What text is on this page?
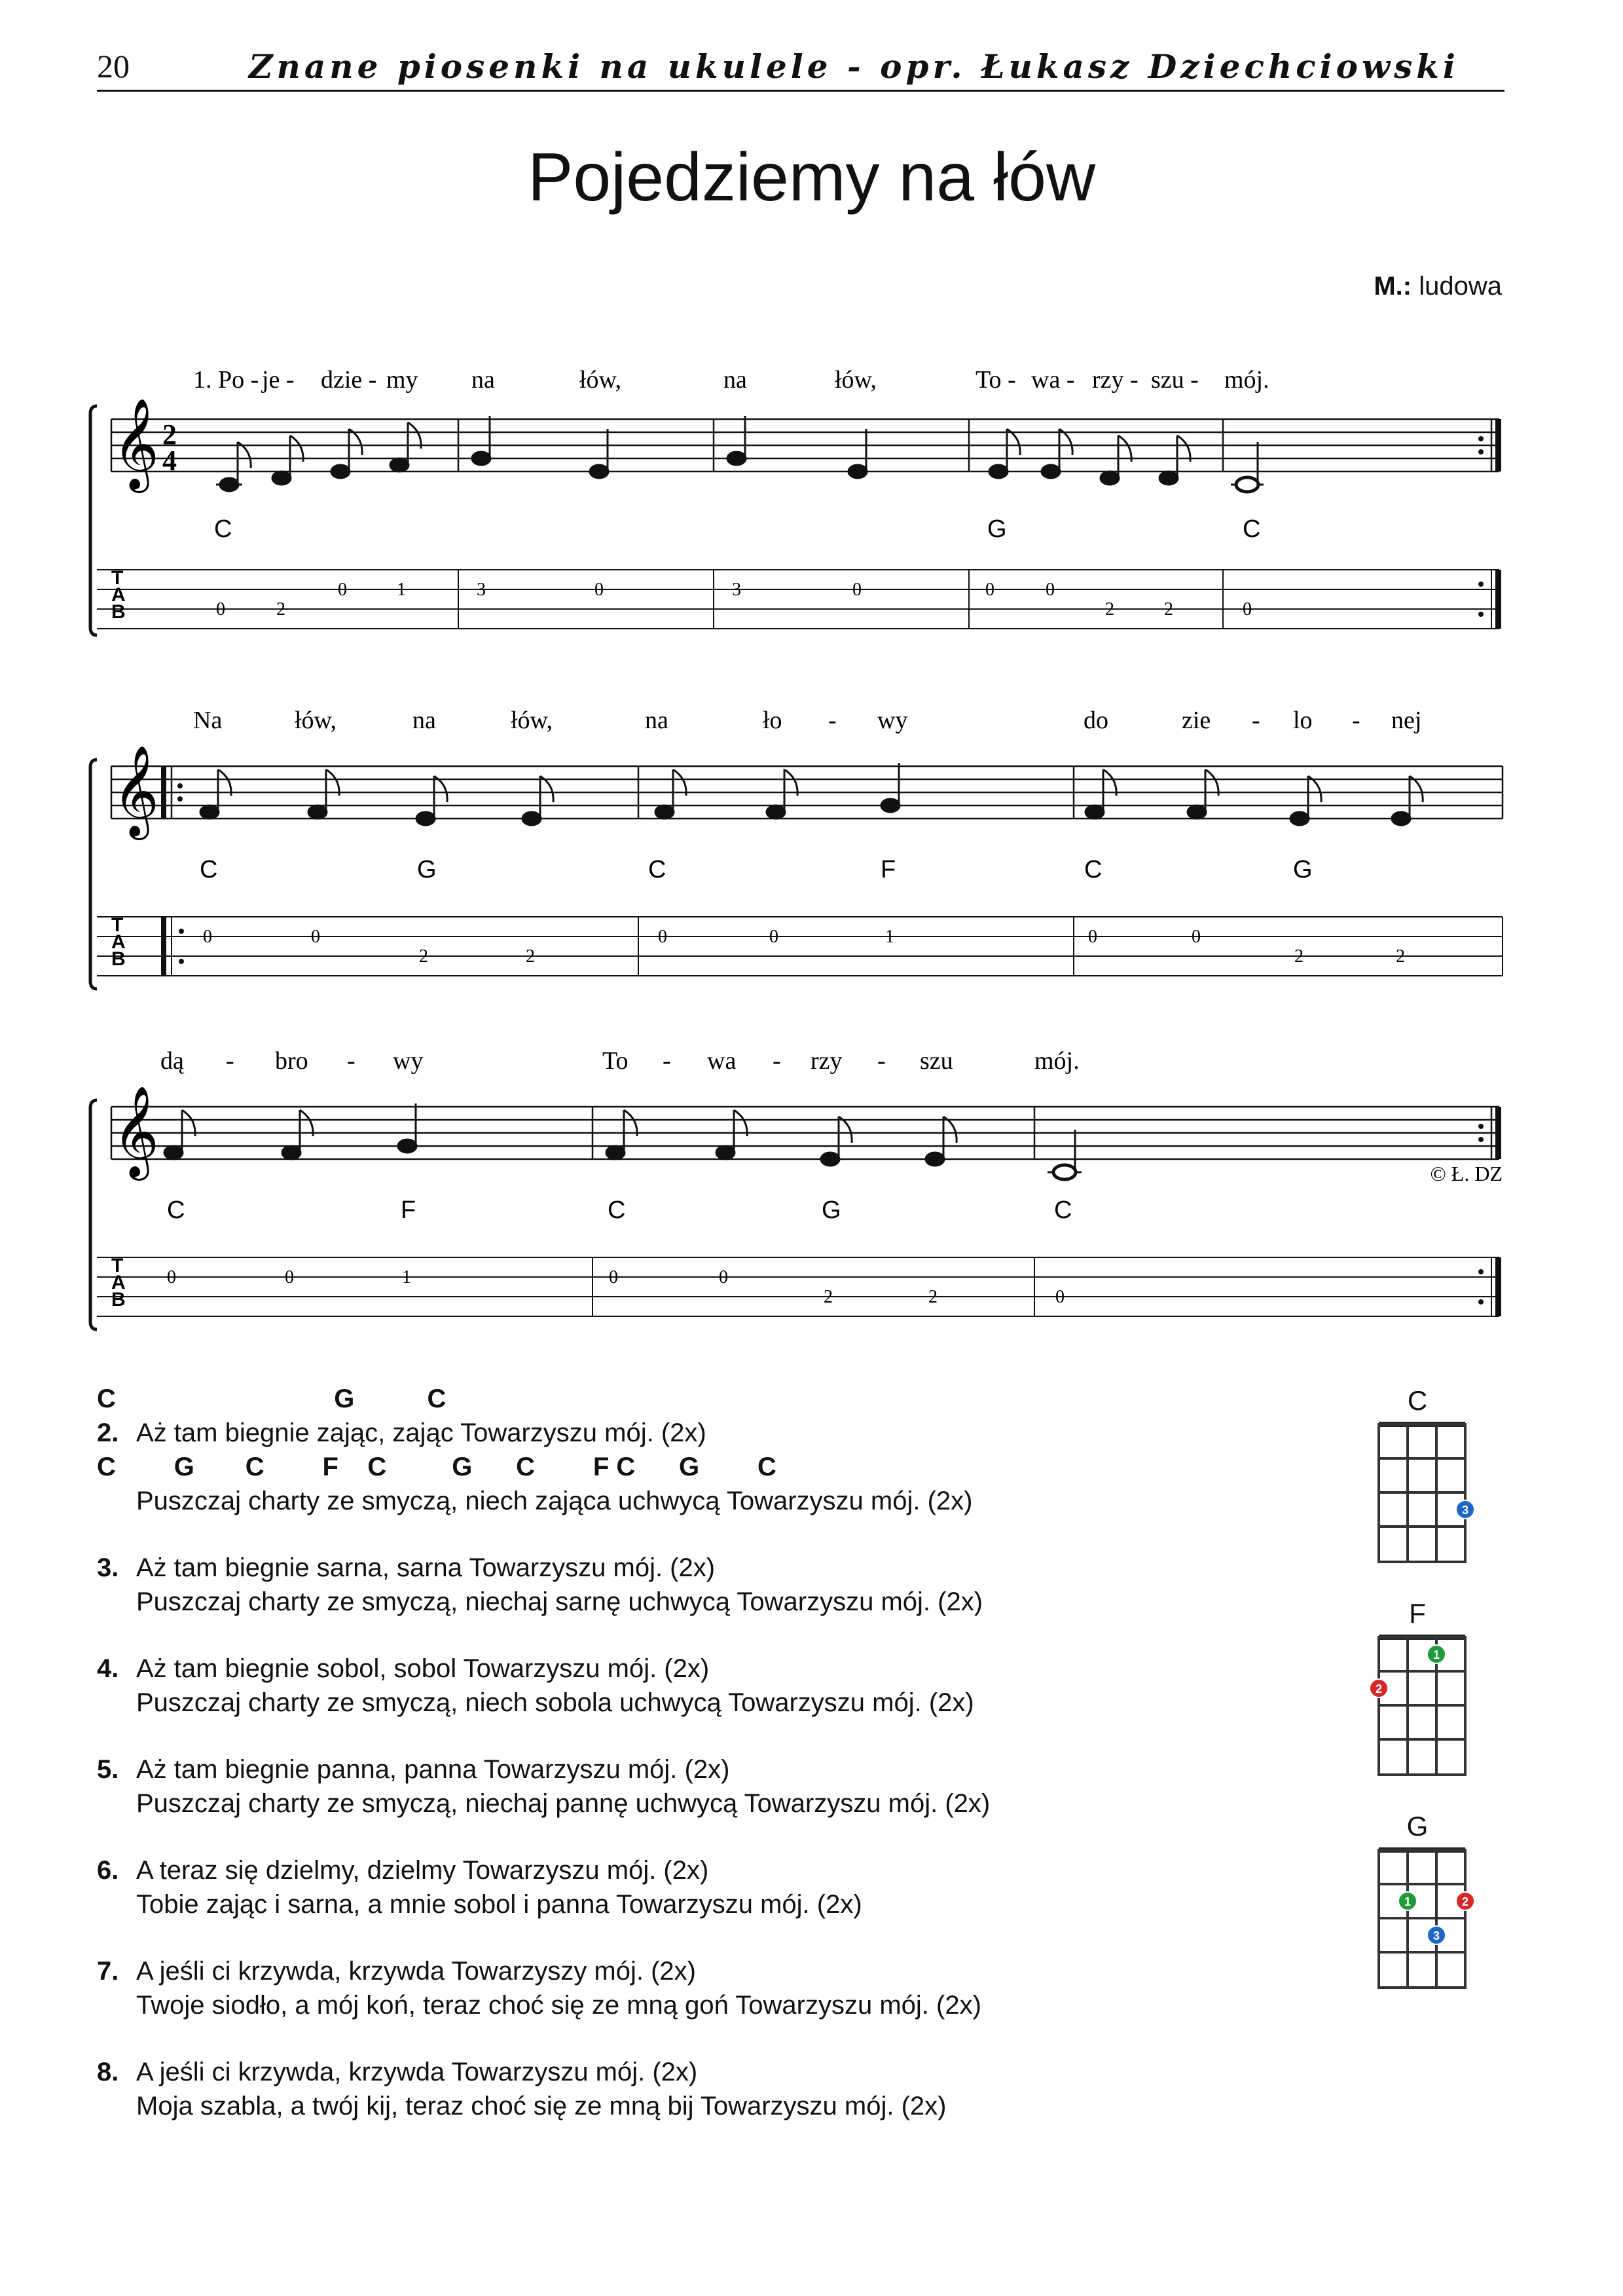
20	Znane piosenki na ukulele - opr. Łukasz Dziechciowski
Pojedziemy na łów
M.: ludowa
1. Po - je - dzie - my na	łów,	na	łów,	To - wa - rzy - szu - mój.
𝄞 2
4
C	G	C
T
A
B	0	2
0	1	3	0	3	0	0	0
2	2	0
Na	łów,	na	łów,	na	ło - wy	do	zie - lo - nej
𝄞
C	G	C	F	C	G
T
A
B
0	0
2	2
0	0	1	0	0
2	2
dą - bro - wy	To - wa - rzy - szu	mój.
𝄞	© Ł. DZ
C	F	C	G	C
T
A
B
0	0	1	0	0
2	2	0
C                              G          C
2. Aż tam biegnie zając, zając Towarzyszu mój. (2x)
C        G       C        F    C         G      C        F C      G        C
Puszczaj charty ze smyczą, niech zająca uchwycą Towarzyszu mój. (2x)
3. Aż tam biegnie sarna, sarna Towarzyszu mój. (2x)
Puszczaj charty ze smyczą, niechaj sarnę uchwycą Towarzyszu mój. (2x)
4. Aż tam biegnie sobol, sobol Towarzyszu mój. (2x)
Puszczaj charty ze smyczą, niech sobola uchwycą Towarzyszu mój. (2x)
5. Aż tam biegnie panna, panna Towarzyszu mój. (2x)
Puszczaj charty ze smyczą, niechaj pannę uchwycą Towarzyszu mój. (2x)
6. A teraz się dzielmy, dzielmy Towarzyszu mój. (2x)
Tobie zając i sarna, a mnie sobol i panna Towarzyszu mój. (2x)
7. A jeśli ci krzywda, krzywda Towarzyszy mój. (2x)
Twoje siodło, a mój koń, teraz choć się ze mną goń Towarzyszu mój. (2x)
8. A jeśli ci krzywda, krzywda Towarzyszu mój. (2x)
Moja szabla, a twój kij, teraz choć się ze mną bij Towarzyszu mój. (2x)
C
3
F
1
2
G
1	2
3
